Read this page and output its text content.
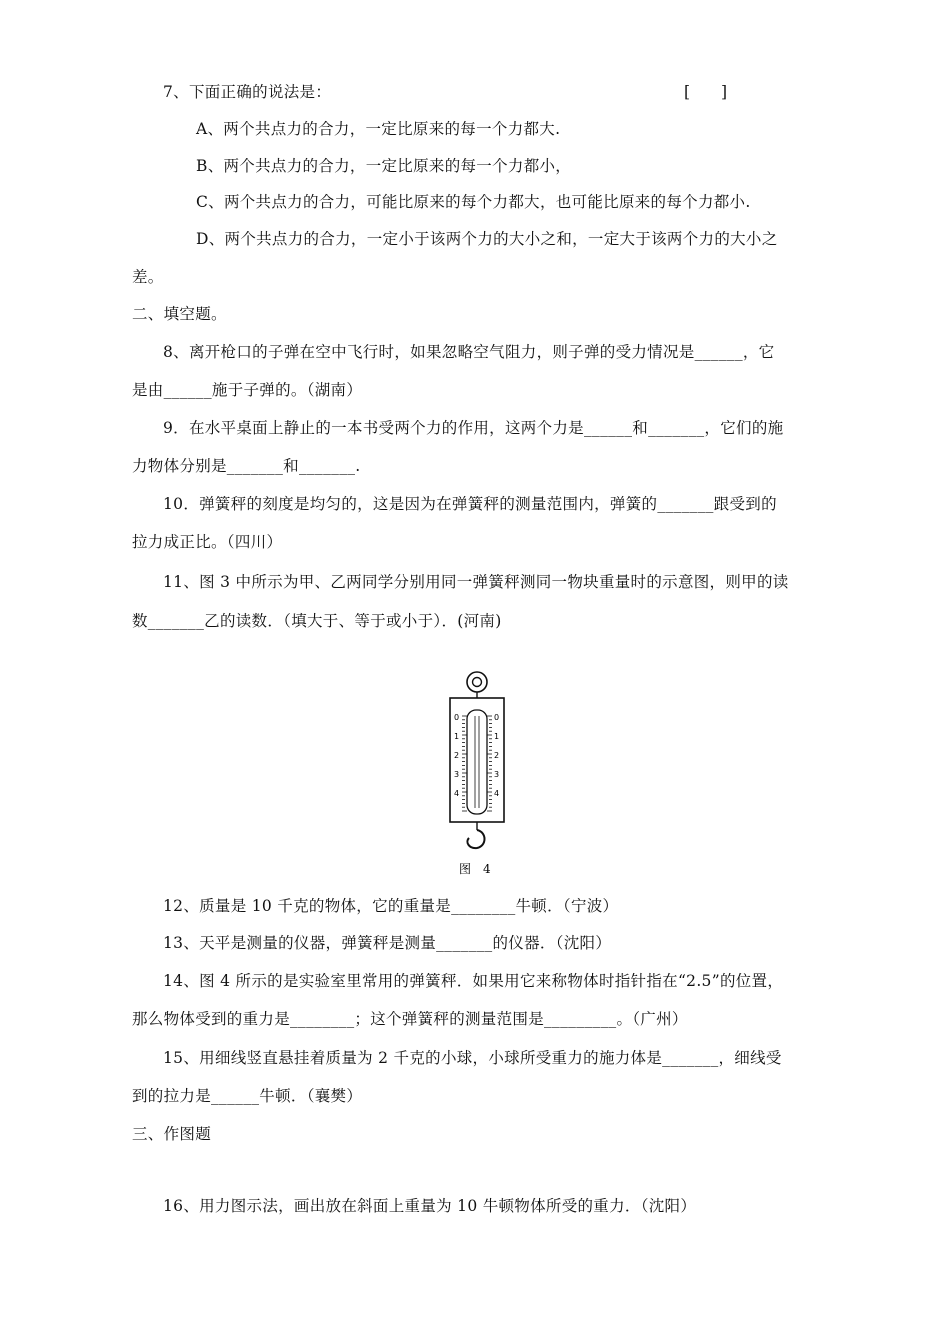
7、下面正确的说法是：	[　　]
A、两个共点力的合力，一定比原来的每一个力都大.
B、两个共点力的合力，一定比原来的每一个力都小，
C、两个共点力的合力，可能比原来的每个力都大，也可能比原来的每个力都小.
D、两个共点力的合力，一定小于该两个力的大小之和，一定大于该两个力的大小之
差。
二、填空题。
8、离开枪口的子弹在空中飞行时，如果忽略空气阻力，则子弹的受力情况是______，它
是由______施于子弹的。（湖南）
9．在水平桌面上静止的一本书受两个力的作用，这两个力是______和_______，它们的施
力物体分别是_______和_______.
10．弹簧秤的刻度是均匀的，这是因为在弹簧秤的测量范围内，弹簧的_______跟受到的
拉力成正比。（四川）
11、图 3 中所示为甲、乙两同学分别用同一弹簧秤测同一物块重量时的示意图，则甲的读
数_______乙的读数．（填大于、等于或小于）．(河南)
0
1
2
3
4
0
1
2
3
4
图　4
12、质量是 10 千克的物体，它的重量是________牛顿．（宁波）
13、天平是测量的仪器，弹簧秤是测量_______的仪器．（沈阳）
14、图 4 所示的是实验室里常用的弹簧秤．如果用它来称物体时指针指在“2.5”的位置，
那么物体受到的重力是________；这个弹簧秤的测量范围是_________。（广州）
15、用细线竖直悬挂着质量为 2 千克的小球，小球所受重力的施力体是_______，细线受
到的拉力是______牛顿．（襄樊）
三、作图题
16、用力图示法，画出放在斜面上重量为 10 牛顿物体所受的重力．（沈阳）
